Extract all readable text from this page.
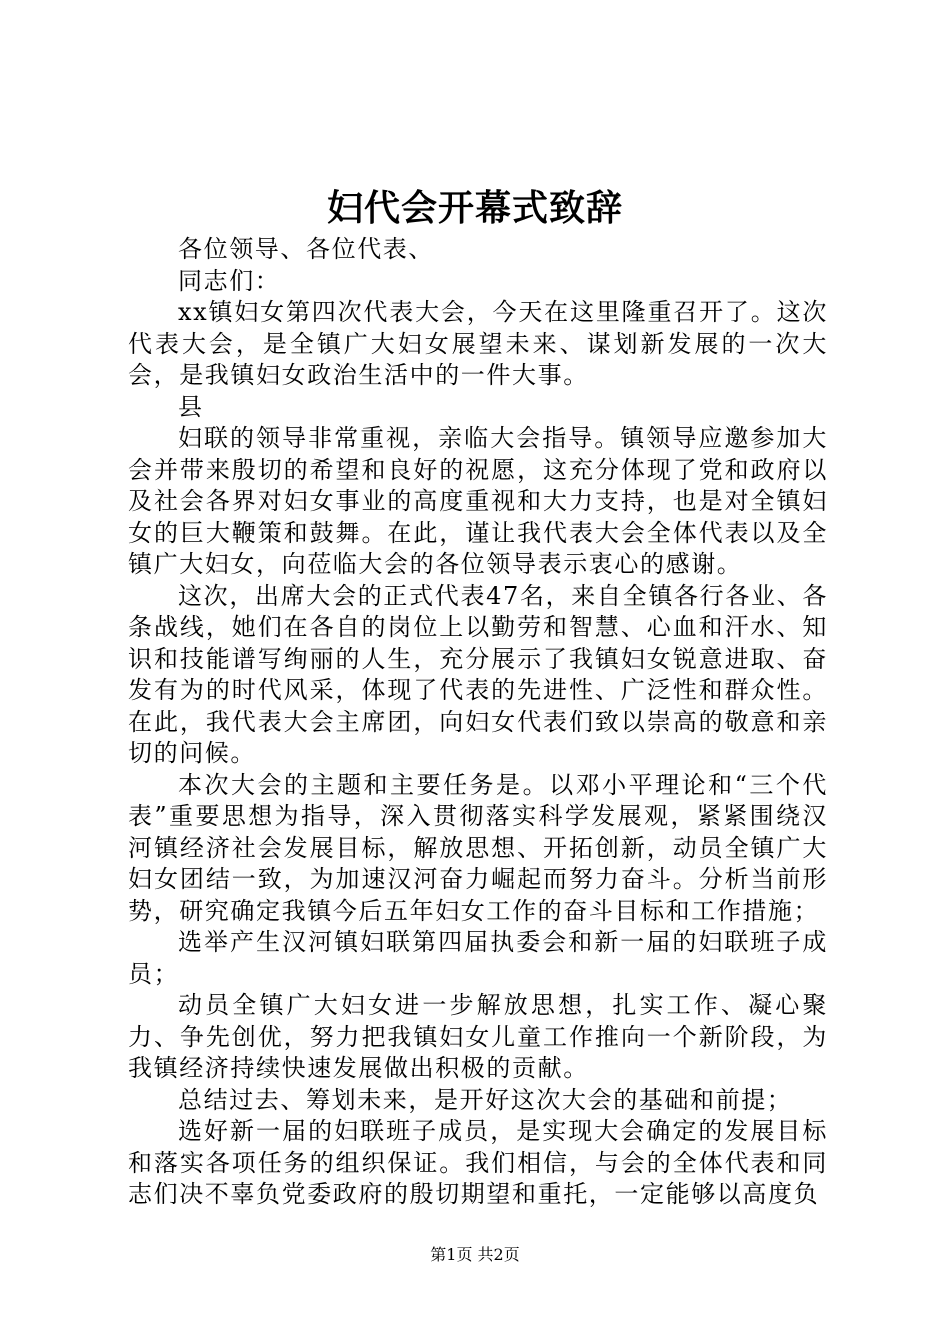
妇代会开幕式致辞

各位领导、各位代表、

同志们：

xx镇妇女第四次代表大会，今天在这里隆重召开了。这次代表大会，是全镇广大妇女展望未来、谋划新发展的一次大会，是我镇妇女政治生活中的一件大事。

县

妇联的领导非常重视，亲临大会指导。镇领导应邀参加大会并带来殷切的希望和良好的祝愿，这充分体现了党和政府以及社会各界对妇女事业的高度重视和大力支持，也是对全镇妇女的巨大鞭策和鼓舞。在此，谨让我代表大会全体代表以及全镇广大妇女，向莅临大会的各位领导表示衷心的感谢。

这次，出席大会的正式代表47名，来自全镇各行各业、各条战线，她们在各自的岗位上以勤劳和智慧、心血和汗水、知识和技能谱写绚丽的人生，充分展示了我镇妇女锐意进取、奋发有为的时代风采，体现了代表的先进性、广泛性和群众性。在此，我代表大会主席团，向妇女代表们致以崇高的敬意和亲切的问候。

本次大会的主题和主要任务是。以邓小平理论和“三个代表”重要思想为指导，深入贯彻落实科学发展观，紧紧围绕汉河镇经济社会发展目标，解放思想、开拓创新，动员全镇广大妇女团结一致，为加速汉河奋力崛起而努力奋斗。分析当前形势，研究确定我镇今后五年妇女工作的奋斗目标和工作措施；

选举产生汉河镇妇联第四届执委会和新一届的妇联班子成员；

动员全镇广大妇女进一步解放思想，扎实工作、凝心聚力、争先创优，努力把我镇妇女儿童工作推向一个新阶段，为我镇经济持续快速发展做出积极的贡献。

总结过去、筹划未来，是开好这次大会的基础和前提；

选好新一届的妇联班子成员，是实现大会确定的发展目标和落实各项任务的组织保证。我们相信，与会的全体代表和同志们决不辜负党委政府的殷切期望和重托，一定能够以高度负

第1页 共2页
